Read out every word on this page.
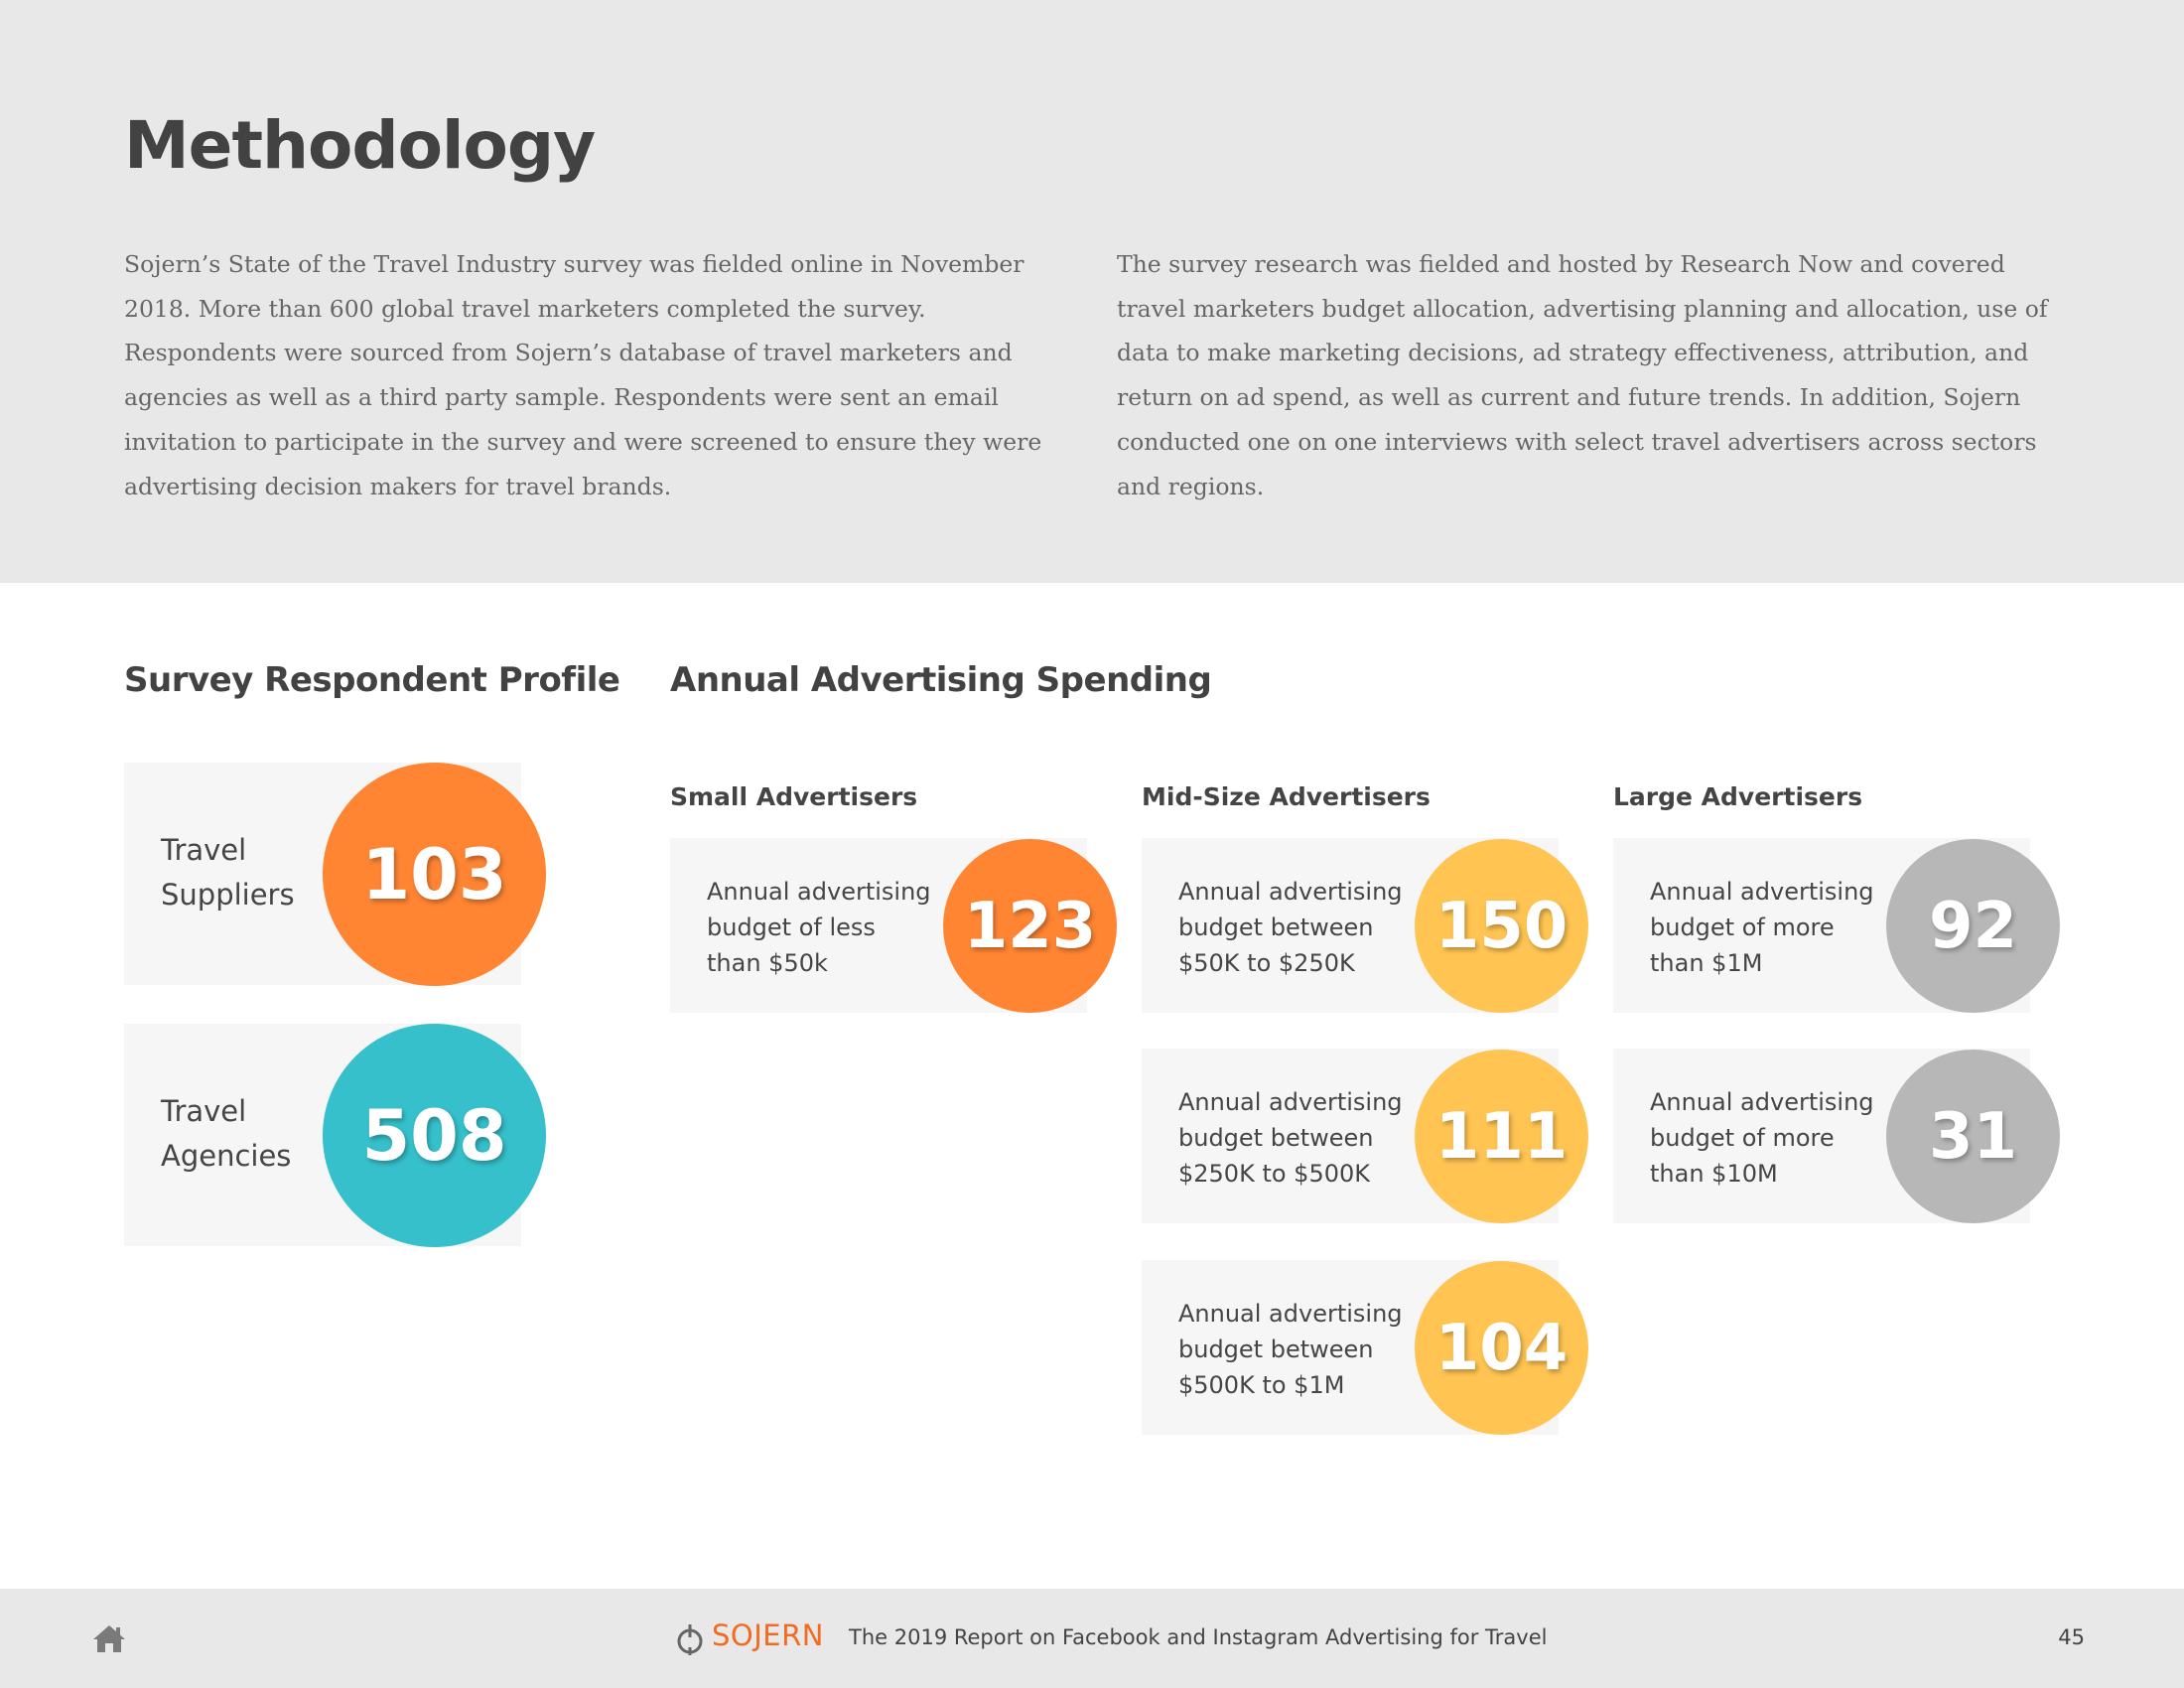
Methodology

Sojern’s State of the Travel Industry survey was fielded online in November 2018. More than 600 global travel marketers completed the survey. Respondents were sourced from Sojern’s database of travel marketers and agencies as well as a third party sample. Respondents were sent an email invitation to participate in the survey and were screened to ensure they were advertising decision makers for travel brands.

The survey research was fielded and hosted by Research Now and covered travel marketers budget allocation, advertising planning and allocation, use of data to make marketing decisions, ad strategy effectiveness, attribution, and return on ad spend, as well as current and future trends. In addition, Sojern conducted one on one interviews with select travel advertisers across sectors and regions.

Survey Respondent Profile Annual Advertising Spending
Travel Suppliers 103
Travel Agencies	508
Small Advertisers	Mid-Size Advertisers	Large Advertisers
Annual advertising budget of less than $50k
123	Annual advertising budget between $50K to $250K
150
Annual advertising budget between $250K to $500K
111
Annual advertising budget between $500K to $1M
104
Annual advertising budget of more than $1M
92
Annual advertising budget of more than $10M
31
SOJERN The 2019 Report on Facebook and Instagram Advertising for Travel	45
